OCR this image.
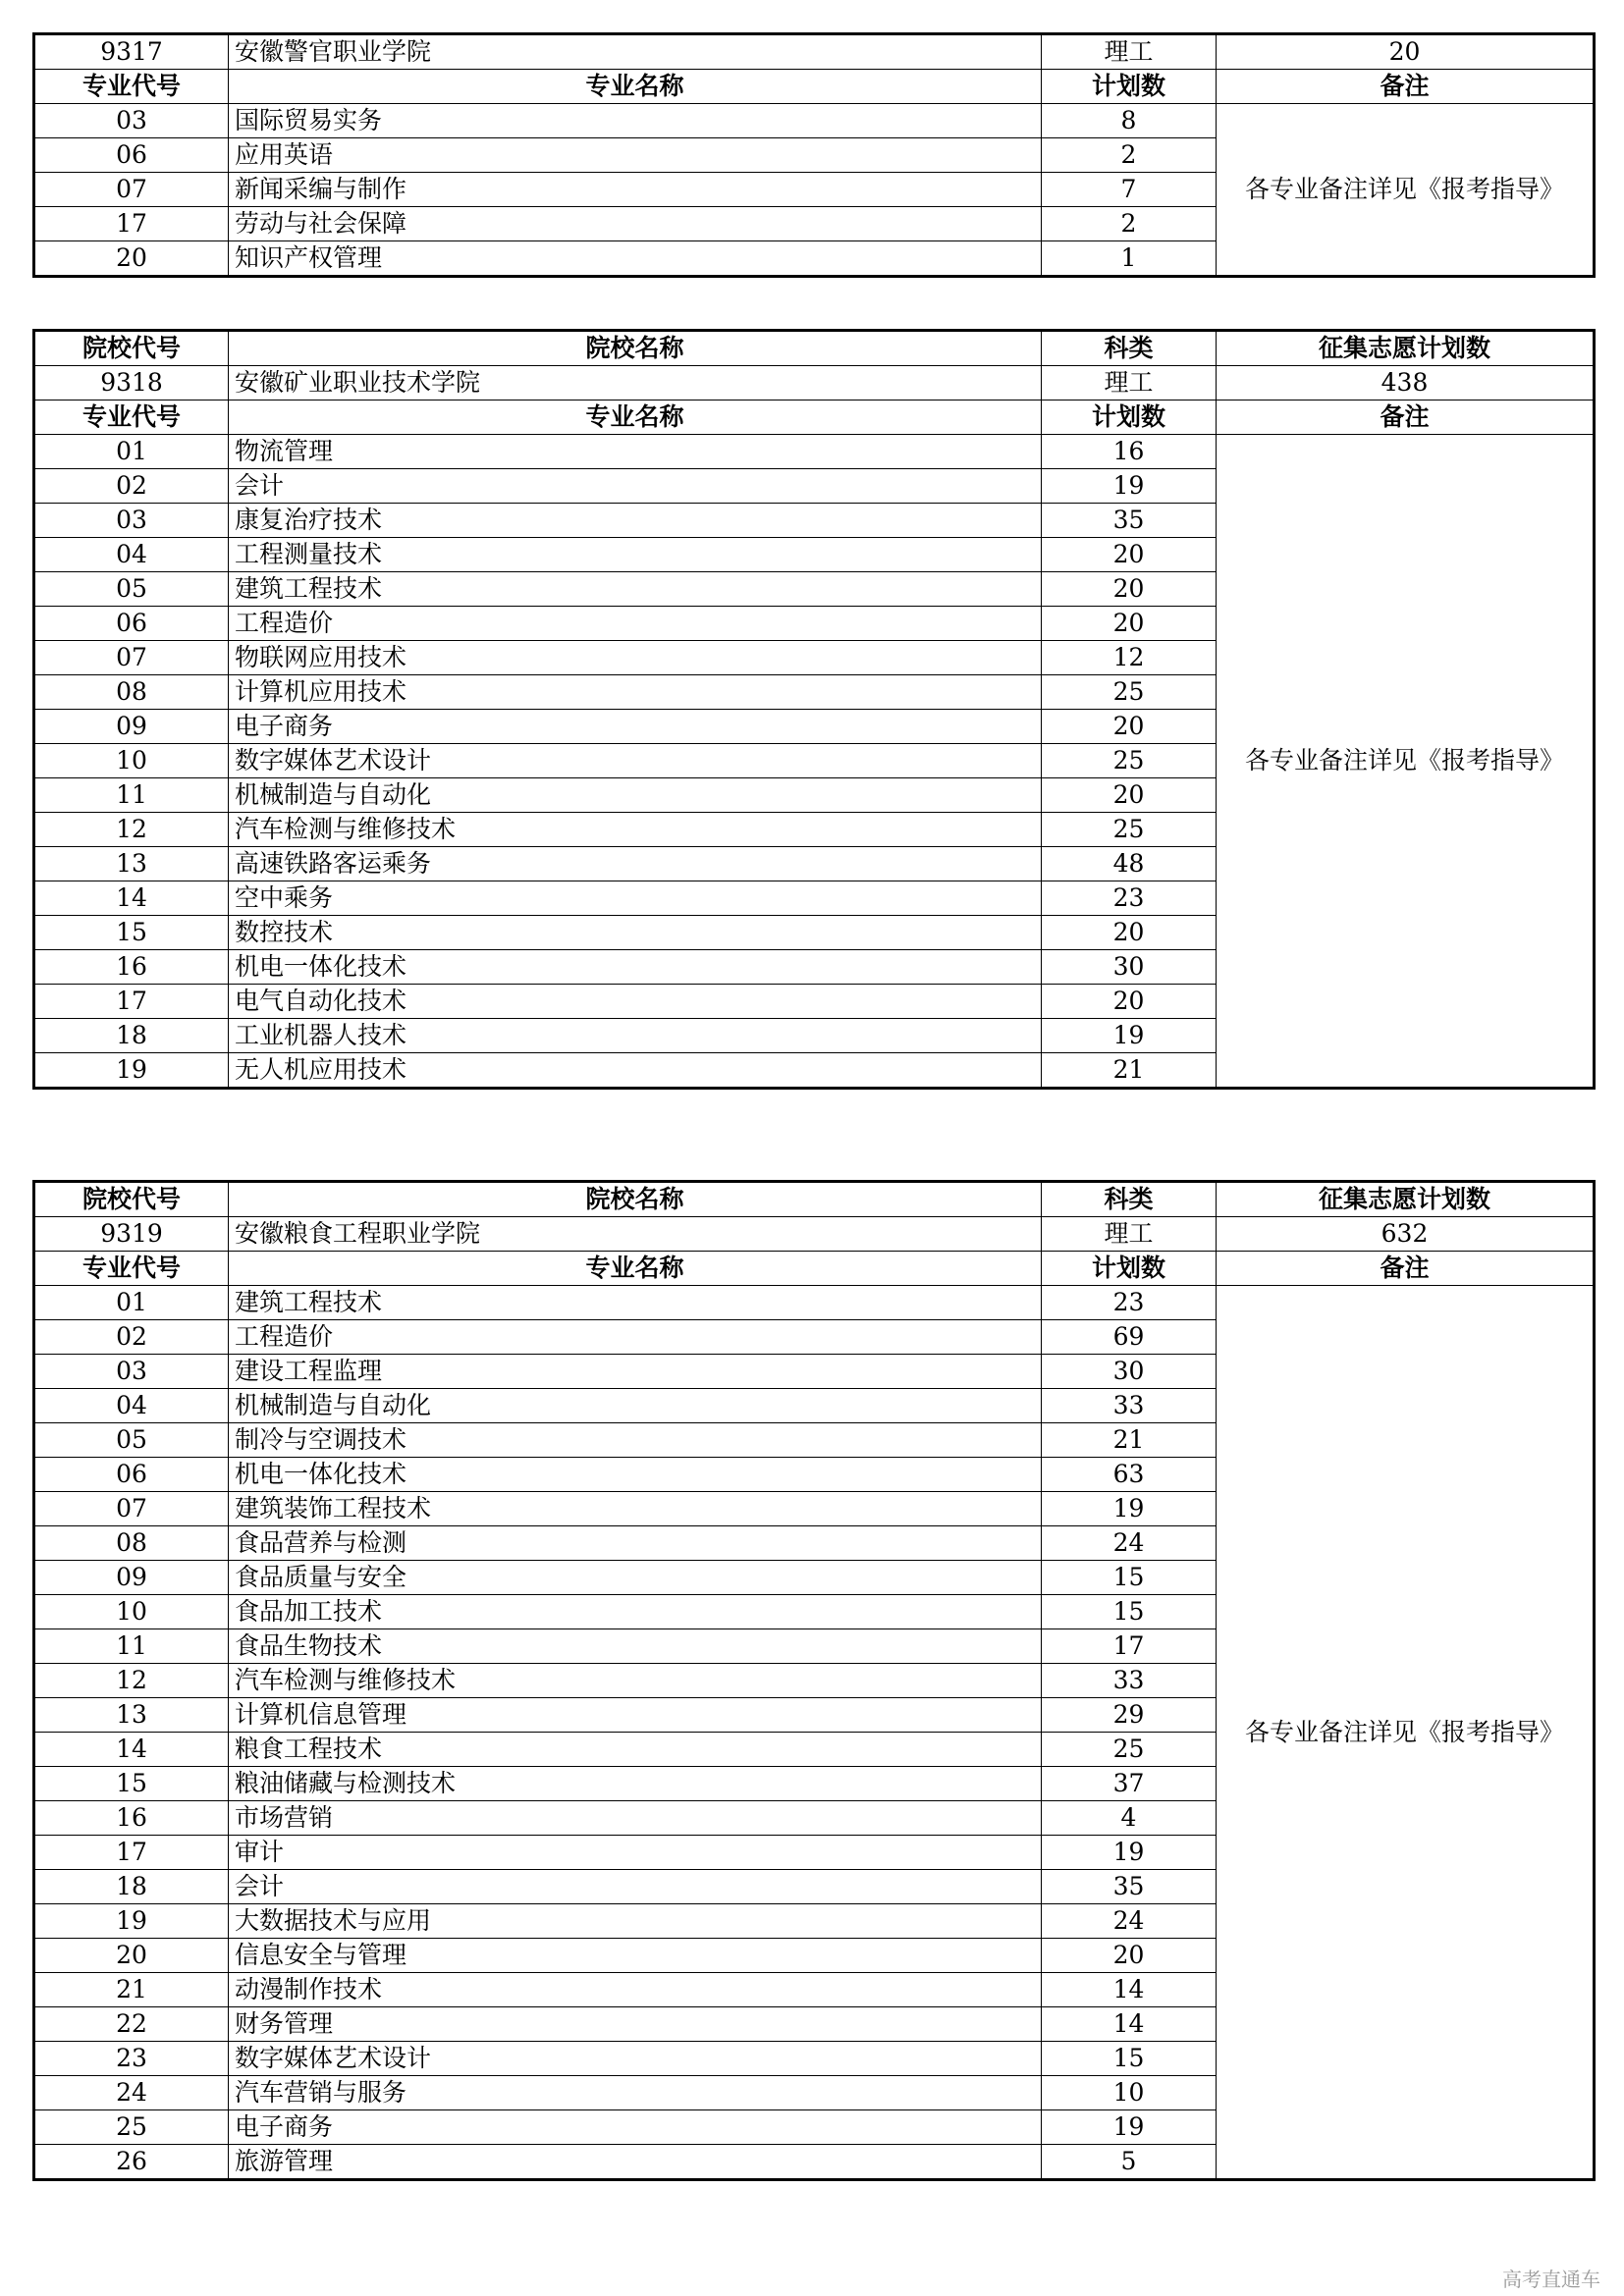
9317	安徽警官职业学院	理工	20
专业代号	专业名称	计划数	备注
03	国际贸易实务	8	各专业备注详见《报考指导》
06	应用英语	2	
07	新闻采编与制作	7	
17	劳动与社会保障	2	
20	知识产权管理	1	
院校代号	院校名称	科类	征集志愿计划数
9318	安徽矿业职业技术学院	理工	438
专业代号	专业名称	计划数	备注
01	物流管理	16	各专业备注详见《报考指导》
02	会计	19	
03	康复治疗技术	35	
04	工程测量技术	20	
05	建筑工程技术	20	
06	工程造价	20	
07	物联网应用技术	12	
08	计算机应用技术	25	
09	电子商务	20	
10	数字媒体艺术设计	25	
11	机械制造与自动化	20	
12	汽车检测与维修技术	25	
13	高速铁路客运乘务	48	
14	空中乘务	23	
15	数控技术	20	
16	机电一体化技术	30	
17	电气自动化技术	20	
18	工业机器人技术	19	
19	无人机应用技术	21	
院校代号	院校名称	科类	征集志愿计划数
9319	安徽粮食工程职业学院	理工	632
专业代号	专业名称	计划数	备注
01	建筑工程技术	23	各专业备注详见《报考指导》
02	工程造价	69	
03	建设工程监理	30	
04	机械制造与自动化	33	
05	制冷与空调技术	21	
06	机电一体化技术	63	
07	建筑装饰工程技术	19	
08	食品营养与检测	24	
09	食品质量与安全	15	
10	食品加工技术	15	
11	食品生物技术	17	
12	汽车检测与维修技术	33	
13	计算机信息管理	29	
14	粮食工程技术	25	
15	粮油储藏与检测技术	37	
16	市场营销	4	
17	审计	19	
18	会计	35	
19	大数据技术与应用	24	
20	信息安全与管理	20	
21	动漫制作技术	14	
22	财务管理	14	
23	数字媒体艺术设计	15	
24	汽车营销与服务	10	
25	电子商务	19	
26	旅游管理	5	
高考直通车
